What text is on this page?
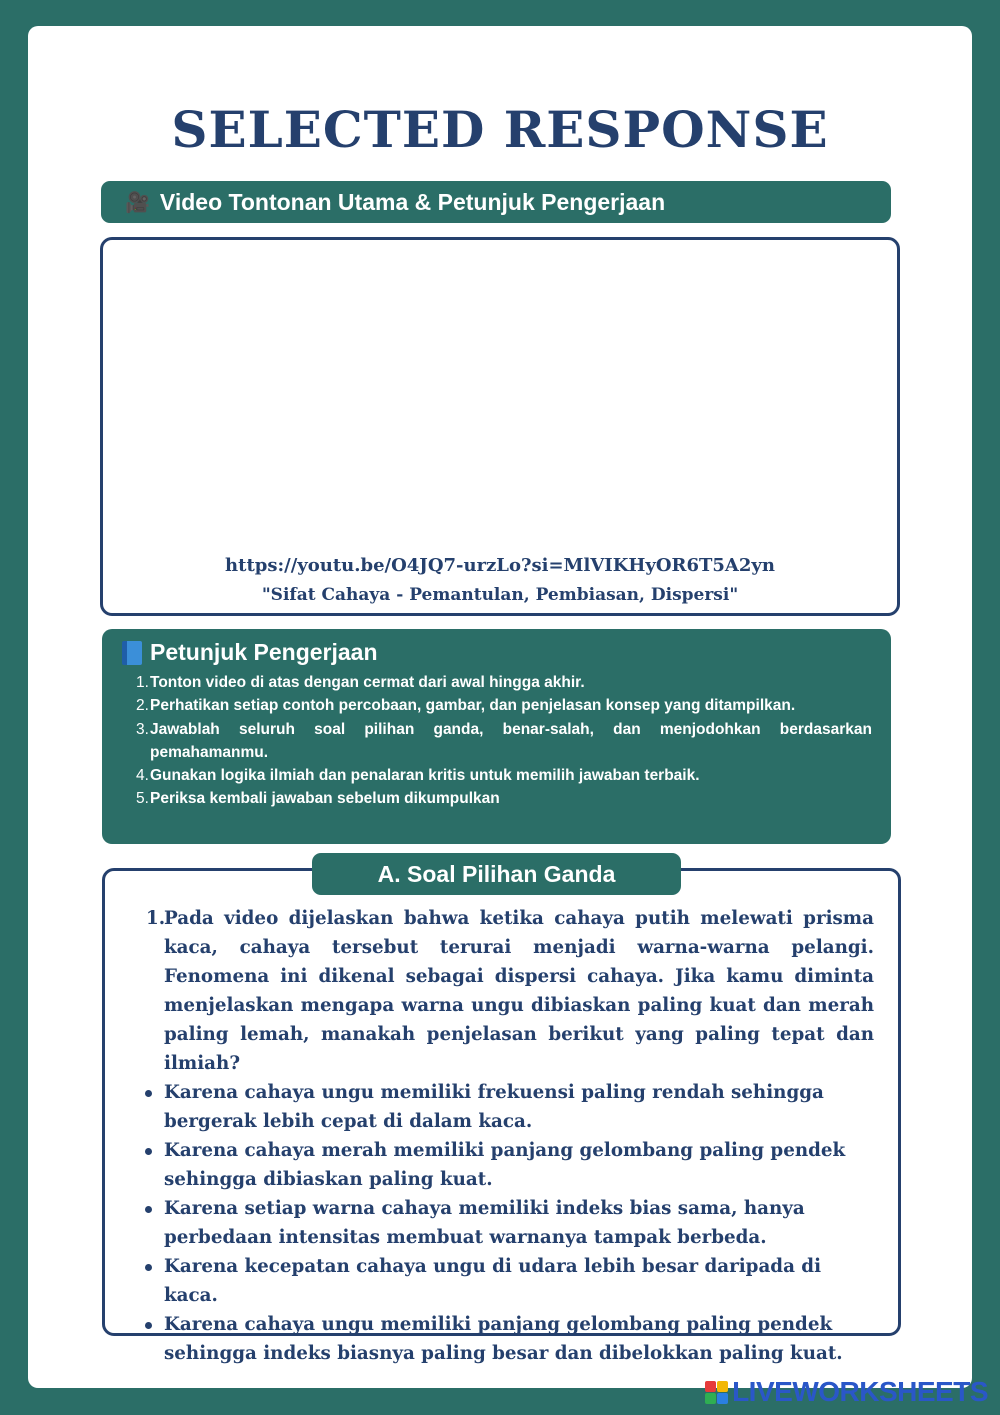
SELECTED RESPONSE
🎥 Video Tontonan Utama & Petunjuk Pengerjaan
https://youtu.be/O4JQ7-urzLo?si=MlVIKHyOR6T5A2yn
"Sifat Cahaya - Pemantulan, Pembiasan, Dispersi"
Petunjuk Pengerjaan
1. Tonton video di atas dengan cermat dari awal hingga akhir.
2. Perhatikan setiap contoh percobaan, gambar, dan penjelasan konsep yang ditampilkan.
3. Jawablah seluruh soal pilihan ganda, benar-salah, dan menjodohkan berdasarkan pemahamanmu.
4. Gunakan logika ilmiah dan penalaran kritis untuk memilih jawaban terbaik.
5. Periksa kembali jawaban sebelum dikumpulkan
A. Soal Pilihan Ganda

1.
Pada video dijelaskan bahwa ketika cahaya putih melewati prisma kaca, cahaya tersebut terurai menjadi warna-warna pelangi. Fenomena ini dikenal sebagai dispersi cahaya. Jika kamu diminta menjelaskan mengapa warna ungu dibiaskan paling kuat dan merah paling lemah, manakah penjelasan berikut yang paling tepat dan ilmiah?

Karena cahaya ungu memiliki frekuensi paling rendah sehingga bergerak lebih cepat di dalam kaca.
Karena cahaya merah memiliki panjang gelombang paling pendek sehingga dibiaskan paling kuat.
Karena setiap warna cahaya memiliki indeks bias sama, hanya perbedaan intensitas membuat warnanya tampak berbeda.
Karena kecepatan cahaya ungu di udara lebih besar daripada di kaca.
Karena cahaya ungu memiliki panjang gelombang paling pendek sehingga indeks biasnya paling besar dan dibelokkan paling kuat.
LIVEWORKSHEETS
